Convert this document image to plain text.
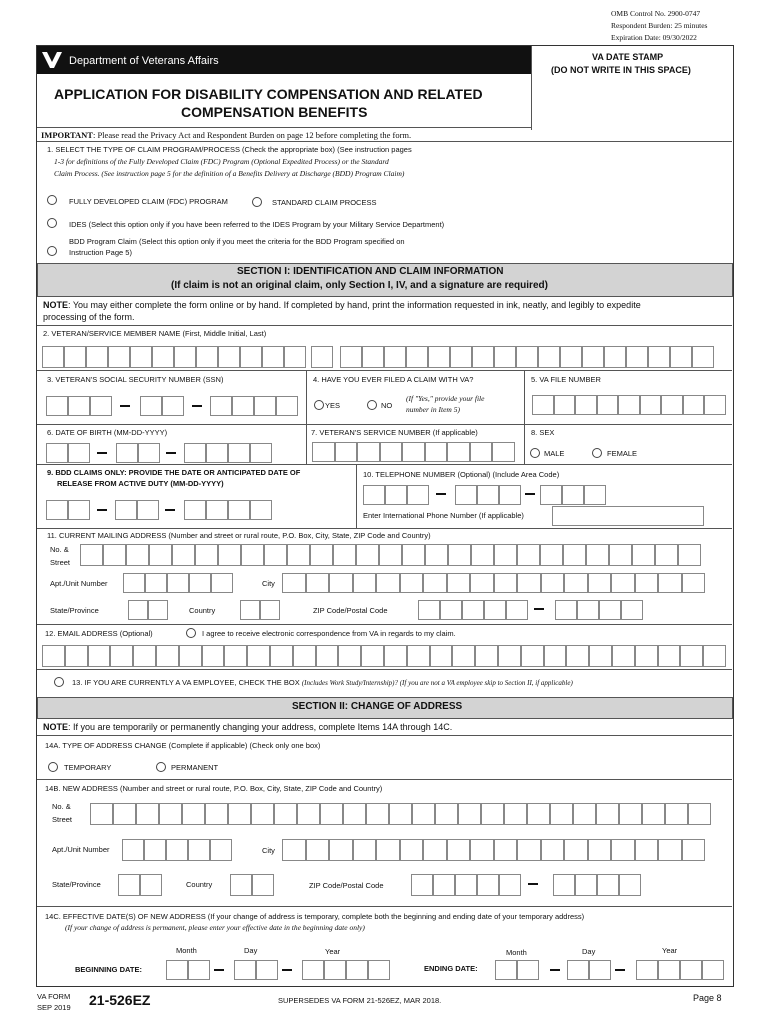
OMB Control No. 2900-0747
Respondent Burden: 25 minutes
Expiration Date: 09/30/2022
Department of Veterans Affairs	VA DATE STAMP
(DO NOT WRITE IN THIS SPACE)
APPLICATION FOR DISABILITY COMPENSATION AND RELATED
COMPENSATION BENEFITS
IMPORTANT: Please read the Privacy Act and Respondent Burden on page 12 before completing the form.
1. SELECT THE TYPE OF CLAIM PROGRAM/PROCESS (Check the appropriate box) (See instruction pages
1-3 for definitions of the Fully Developed Claim (FDC) Program (Optional Expedited Process) or the Standard
Claim Process. (See instruction page 5 for the definition of a Benefits Delivery at Discharge (BDD) Program Claim)
FULLY DEVELOPED CLAIM (FDC) PROGRAM	STANDARD CLAIM PROCESS
IDES (Select this option only if you have been referred to the IDES Program by your Military Service Department)
BDD Program Claim (Select this option only if you meet the criteria for the BDD Program specified on
Instruction Page 5)
SECTION I: IDENTIFICATION AND CLAIM INFORMATION
(If claim is not an original claim, only Section I, IV, and a signature are required)
NOTE: You may either complete the form online or by hand. If completed by hand, print the information requested in ink, neatly, and legibly to expedite
processing of the form.
2. VETERAN/SERVICE MEMBER NAME (First, Middle Initial, Last)
3. VETERAN'S SOCIAL SECURITY NUMBER (SSN)	4. HAVE YOU EVER FILED A CLAIM WITH VA?	5. VA FILE NUMBER
YES	NO
(If "Yes," provide your file
number in Item 5)
6. DATE OF BIRTH (MM-DD-YYYY)	7. VETERAN'S SERVICE NUMBER (If applicable)	8. SEX
MALE	FEMALE
9. BDD CLAIMS ONLY: PROVIDE THE DATE OR ANTICIPATED DATE OF
RELEASE FROM ACTIVE DUTY (MM-DD-YYYY)
10. TELEPHONE NUMBER (Optional) (Include Area Code)
Enter International Phone Number (If applicable)
11. CURRENT MAILING ADDRESS (Number and street or rural route, P.O. Box, City, State, ZIP Code and Country)
No. &
Street
Apt./Unit Number	City
State/Province	Country	ZIP Code/Postal Code
12. EMAIL ADDRESS (Optional)	I agree to receive electronic correspondence from VA in regards to my claim.
13. IF YOU ARE CURRENTLY A VA EMPLOYEE, CHECK THE BOX (Includes Work Study/Internship)? (If you are not a VA employee skip to Section II, if applicable)
SECTION II: CHANGE OF ADDRESS
NOTE: If you are temporarily or permanently changing your address, complete Items 14A through 14C.
14A. TYPE OF ADDRESS CHANGE (Complete if applicable) (Check only one box)
TEMPORARY	PERMANENT
14B. NEW ADDRESS (Number and street or rural route, P.O. Box, City, State, ZIP Code and Country)
No. &
Street
Apt./Unit Number	City
State/Province	Country	ZIP Code/Postal Code
14C. EFFECTIVE DATE(S) OF NEW ADDRESS (If your change of address is temporary, complete both the beginning and ending date of your temporary address)
(If your change of address is permanent, please enter your effective date in the beginning date only)
Month	Day	Year	Month	Day	Year
BEGINNING DATE:	ENDING DATE:
VA FORM
SEP 2019 21-526EZ	SUPERSEDES VA FORM 21-526EZ, MAR 2018.	Page 8
